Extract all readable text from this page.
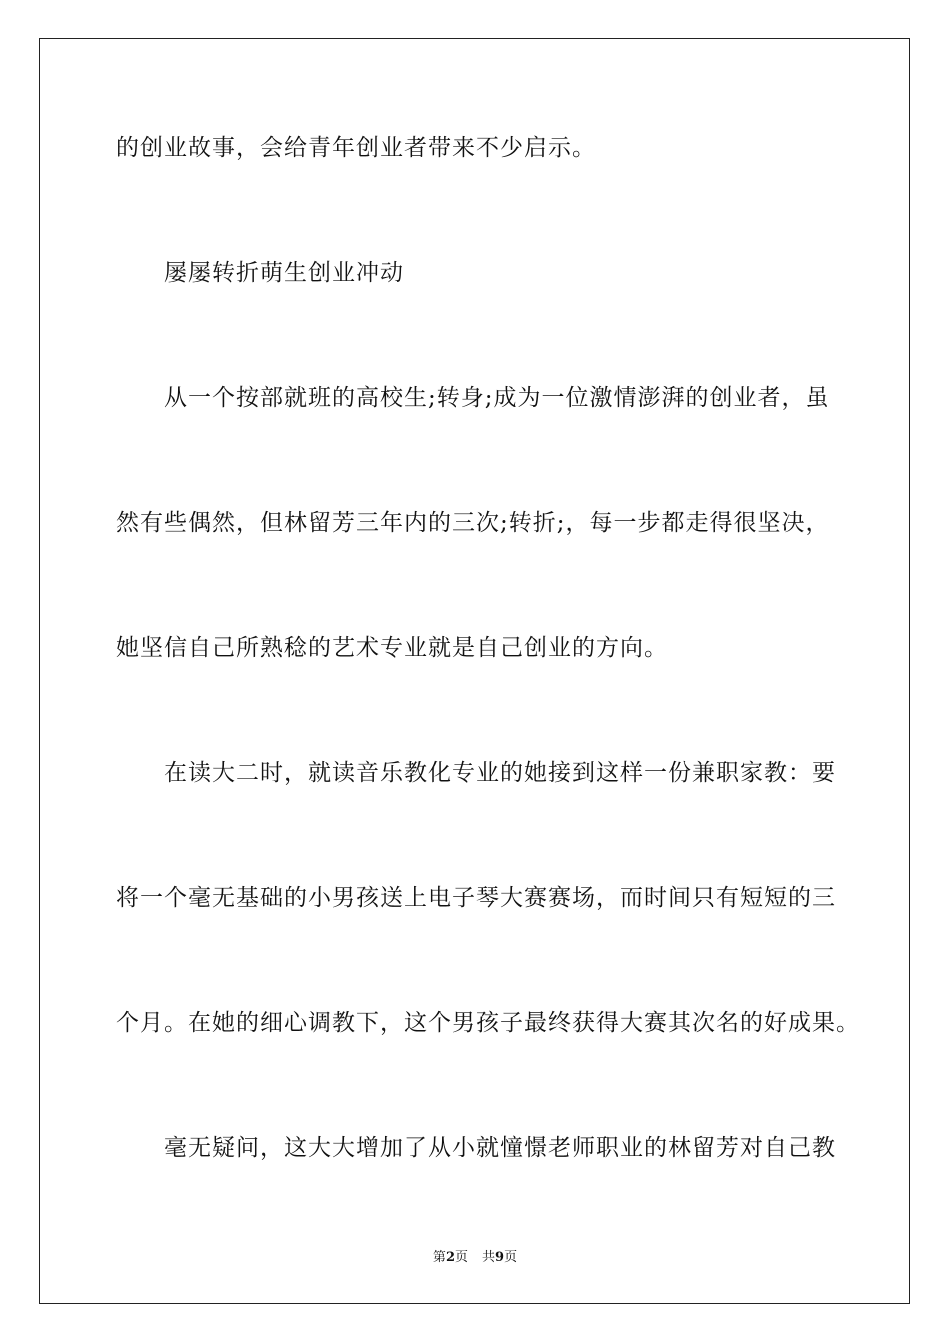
的创业故事，会给青年创业者带来不少启示。
　　屡屡转折萌生创业冲动
　　从一个按部就班的高校生;转身;成为一位激情澎湃的创业者，虽
然有些偶然，但林留芳三年内的三次;转折;，每一步都走得很坚决，
她坚信自己所熟稔的艺术专业就是自己创业的方向。
　　在读大二时，就读音乐教化专业的她接到这样一份兼职家教：要
将一个毫无基础的小男孩送上电子琴大赛赛场，而时间只有短短的三
个月。在她的细心调教下，这个男孩子最终获得大赛其次名的好成果。
　　毫无疑问，这大大增加了从小就憧憬老师职业的林留芳对自己教
第2页 共9页
